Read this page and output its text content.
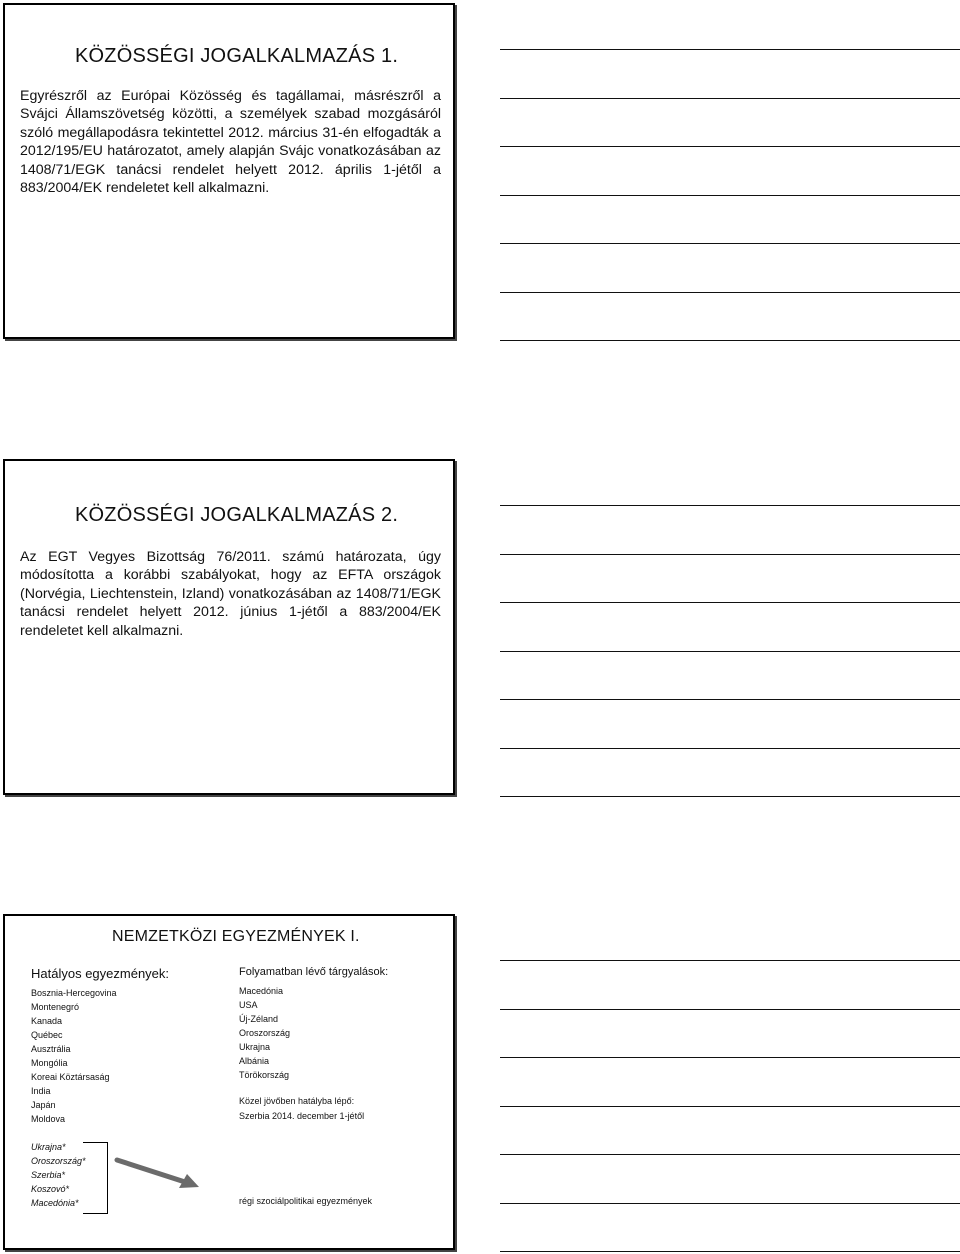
KÖZÖSSÉGI JOGALKALMAZÁS 1.

Egyrészről az Európai Közösség és tagállamai, másrészről a Svájci Államszövetség közötti, a személyek szabad mozgásáról szóló megállapodásra tekintettel 2012. március 31-én elfogadták a 2012/195/EU határozatot, amely alapján Svájc vonatkozásában az 1408/71/EGK tanácsi rendelet helyett 2012. április 1-jétől a 883/2004/EK rendeletet kell alkalmazni.

KÖZÖSSÉGI JOGALKALMAZÁS 2.

Az EGT Vegyes Bizottság 76/2011. számú határozata, úgy módosította a korábbi szabályokat, hogy az EFTA országok (Norvégia, Liechtenstein, Izland) vonatkozásában az 1408/71/EGK tanácsi rendelet helyett 2012. június 1-jétől a 883/2004/EK rendeletet kell alkalmazni.

NEMZETKÖZI EGYEZMÉNYEK I.

Hatályos egyezmények:

Bosznia-Hercegovina
Montenegró
Kanada
Québec
Ausztrália
Mongólia
Koreai Köztársaság
India
Japán
Moldova

Folyamatban lévő tárgyalások:

Macedónia
USA
Új-Zéland
Oroszország
Ukrajna
Albánia
Törökország

Közel jövőben hatályba lépő:

Szerbia 2014. december 1-jétől

Ukrajna*
Oroszország*
Szerbia*
Koszovó*
Macedónia*	régi szociálpolitikai egyezmények
